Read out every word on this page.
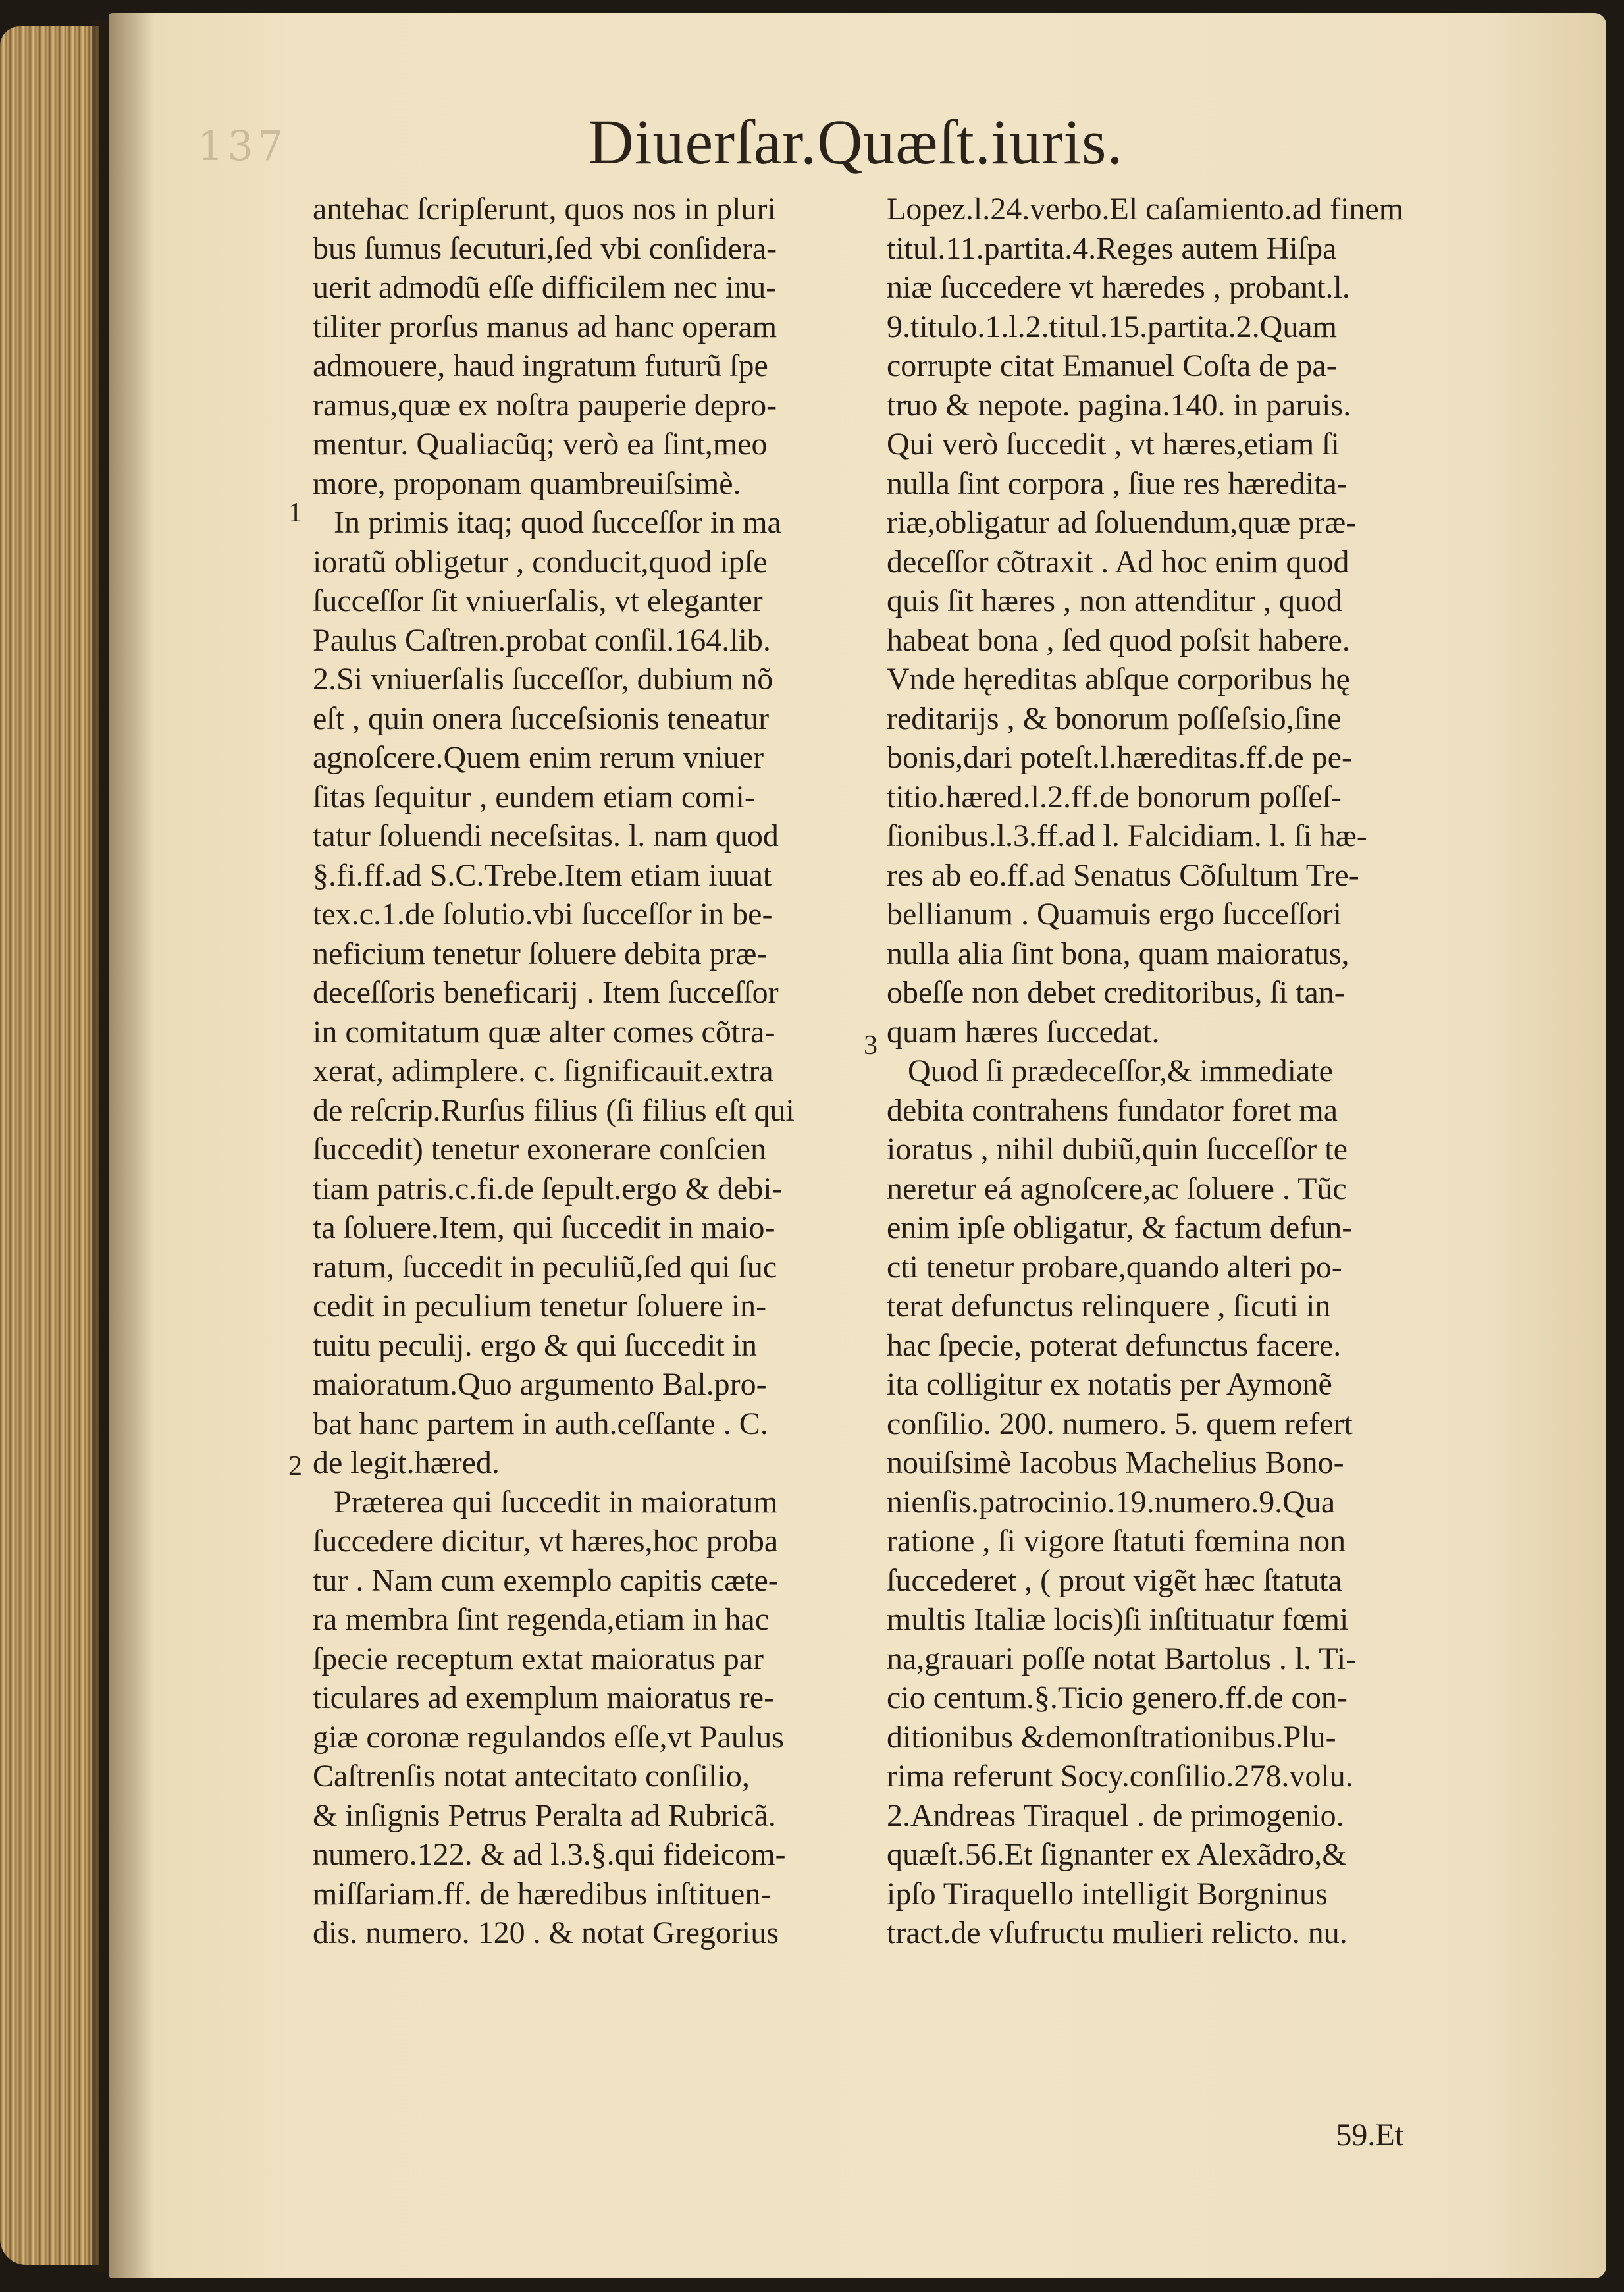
137	Diuerſar.Quæſt.iuris.
1
2
3
antehac ſcripſerunt, quos nos in pluri
bus ſumus ſecuturi,ſed vbi conſidera-
uerit admodũ eſſe difficilem nec inu-
tiliter prorſus manus ad hanc operam
admouere, haud ingratum futurũ ſpe
ramus,quæ ex noſtra pauperie depro-
mentur. Qualiacũq; verò ea ſint,meo
more, proponam quambreuiſsimè.
In primis itaq; quod ſucceſſor in ma
ioratũ obligetur , conducit,quod ipſe
ſucceſſor ſit vniuerſalis, vt eleganter
Paulus Caſtren.probat conſil.164.lib.
2.Si vniuerſalis ſucceſſor, dubium nõ
eſt , quin onera ſucceſsionis teneatur
agnoſcere.Quem enim rerum vniuer
ſitas ſequitur , eundem etiam comi-
tatur ſoluendi neceſsitas. l. nam quod
§.fi.ff.ad S.C.Trebe.Item etiam iuuat
tex.c.1.de ſolutio.vbi ſucceſſor in be-
neficium tenetur ſoluere debita præ-
deceſſoris beneficarij . Item ſucceſſor
in comitatum quæ alter comes cõtra-
xerat, adimplere. c. ſignificauit.extra
de reſcrip.Rurſus filius (ſi filius eſt qui
ſuccedit) tenetur exonerare conſcien
tiam patris.c.fi.de ſepult.ergo & debi-
ta ſoluere.Item, qui ſuccedit in maio-
ratum, ſuccedit in peculiũ,ſed qui ſuc
cedit in peculium tenetur ſoluere in-
tuitu peculij. ergo & qui ſuccedit in
maioratum.Quo argumento Bal.pro-
bat hanc partem in auth.ceſſante . C.
de legit.hæred.
Præterea qui ſuccedit in maioratum
ſuccedere dicitur, vt hæres,hoc proba
tur . Nam cum exemplo capitis cæte-
ra membra ſint regenda,etiam in hac
ſpecie receptum extat maioratus par
ticulares ad exemplum maioratus re-
giæ coronæ regulandos eſſe,vt Paulus
Caſtrenſis notat antecitato conſilio,
& inſignis Petrus Peralta ad Rubricã.
numero.122. & ad l.3.§.qui fideicom-
miſſariam.ff. de hæredibus inſtituen-
dis. numero. 120 . & notat Gregorius
Lopez.l.24.verbo.El caſamiento.ad finem
titul.11.partita.4.Reges autem Hiſpa
niæ ſuccedere vt hæredes , probant.l.
9.titulo.1.l.2.titul.15.partita.2.Quam
corrupte citat Emanuel Coſta de pa-
truo & nepote. pagina.140. in paruis.
Qui verò ſuccedit , vt hæres,etiam ſi
nulla ſint corpora , ſiue res hæredita-
riæ,obligatur ad ſoluendum,quæ præ-
deceſſor cõtraxit . Ad hoc enim quod
quis ſit hæres , non attenditur , quod
habeat bona , ſed quod poſsit habere.
Vnde hęreditas abſque corporibus hę
reditarijs , & bonorum poſſeſsio,ſine
bonis,dari poteſt.l.hæreditas.ff.de pe-
titio.hæred.l.2.ff.de bonorum poſſeſ-
ſionibus.l.3.ff.ad l. Falcidiam. l. ſi hæ-
res ab eo.ff.ad Senatus Cõſultum Tre-
bellianum . Quamuis ergo ſucceſſori
nulla alia ſint bona, quam maioratus,
obeſſe non debet creditoribus, ſi tan-
quam hæres ſuccedat.
Quod ſi prædeceſſor,& immediate
debita contrahens fundator foret ma
ioratus , nihil dubiũ,quin ſucceſſor te
neretur eá agnoſcere,ac ſoluere . Tũc
enim ipſe obligatur, & factum defun-
cti tenetur probare,quando alteri po-
terat defunctus relinquere , ſicuti in
hac ſpecie, poterat defunctus facere.
ita colligitur ex notatis per Aymonẽ
conſilio. 200. numero. 5. quem refert
nouiſsimè Iacobus Machelius Bono-
nienſis.patrocinio.19.numero.9.Qua
ratione , ſi vigore ſtatuti fœmina non
ſuccederet , ( prout vigẽt hæc ſtatuta
multis Italiæ locis)ſi inſtituatur fœmi
na,grauari poſſe notat Bartolus . l. Ti-
cio centum.§.Ticio genero.ff.de con-
ditionibus &demonſtrationibus.Plu-
rima referunt Socy.conſilio.278.volu.
2.Andreas Tiraquel . de primogenio.
quæſt.56.Et ſignanter ex Alexãdro,&
ipſo Tiraquello intelligit Borgninus
tract.de vſufructu mulieri relicto. nu.
59.Et
